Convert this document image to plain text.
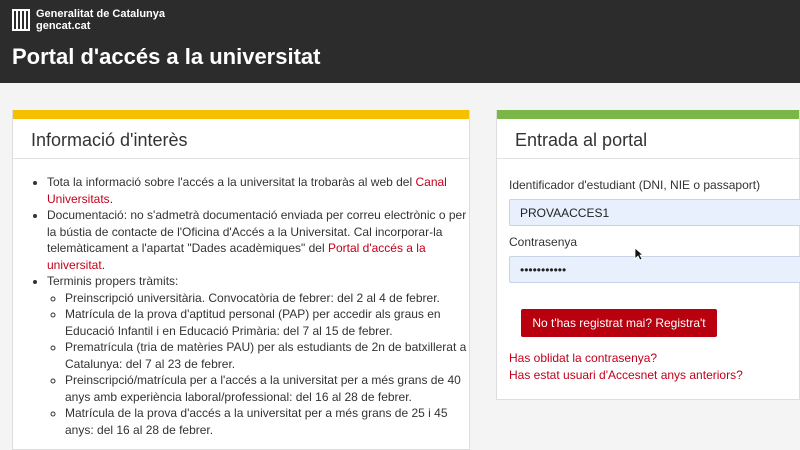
Generalitat de Catalunya
gencat.cat
Portal d'accés a la universitat
Informació d'interès
• Tota la informació sobre l'accés a la universitat la trobaràs al web del Canal Universitats.
• Documentació: no s'admetrà documentació enviada per correu electrònic o per la bústia de contacte de l'Oficina d'Accés a la Universitat. Cal incorporar-la telemàticament a l'apartat "Dades acadèmiques" del Portal d'accés a la universitat.
• Terminis propers tràmits:
◦ Preinscripció universitària. Convocatòria de febrer: del 2 al 4 de febrer.
◦ Matrícula de la prova d'aptitud personal (PAP) per accedir als graus en Educació Infantil i en Educació Primària: del 7 al 15 de febrer.
◦ Prematrícula (tria de matèries PAU) per als estudiants de 2n de batxillerat a Catalunya: del 7 al 23 de febrer.
◦ Preinscripció/matrícula per a l'accés a la universitat per a més grans de 40 anys amb experiència laboral/professional: del 16 al 28 de febrer.
◦ Matrícula de la prova d'accés a la universitat per a més grans de 25 i 45 anys: del 16 al 28 de febrer.
Entrada al portal
Identificador d'estudiant (DNI, NIE o passaport)
PROVAACCES1
Contrasenya
No t'has registrat mai? Registra't
Has oblidat la contrasenya?
Has estat usuari d'Accesnet anys anteriors?
